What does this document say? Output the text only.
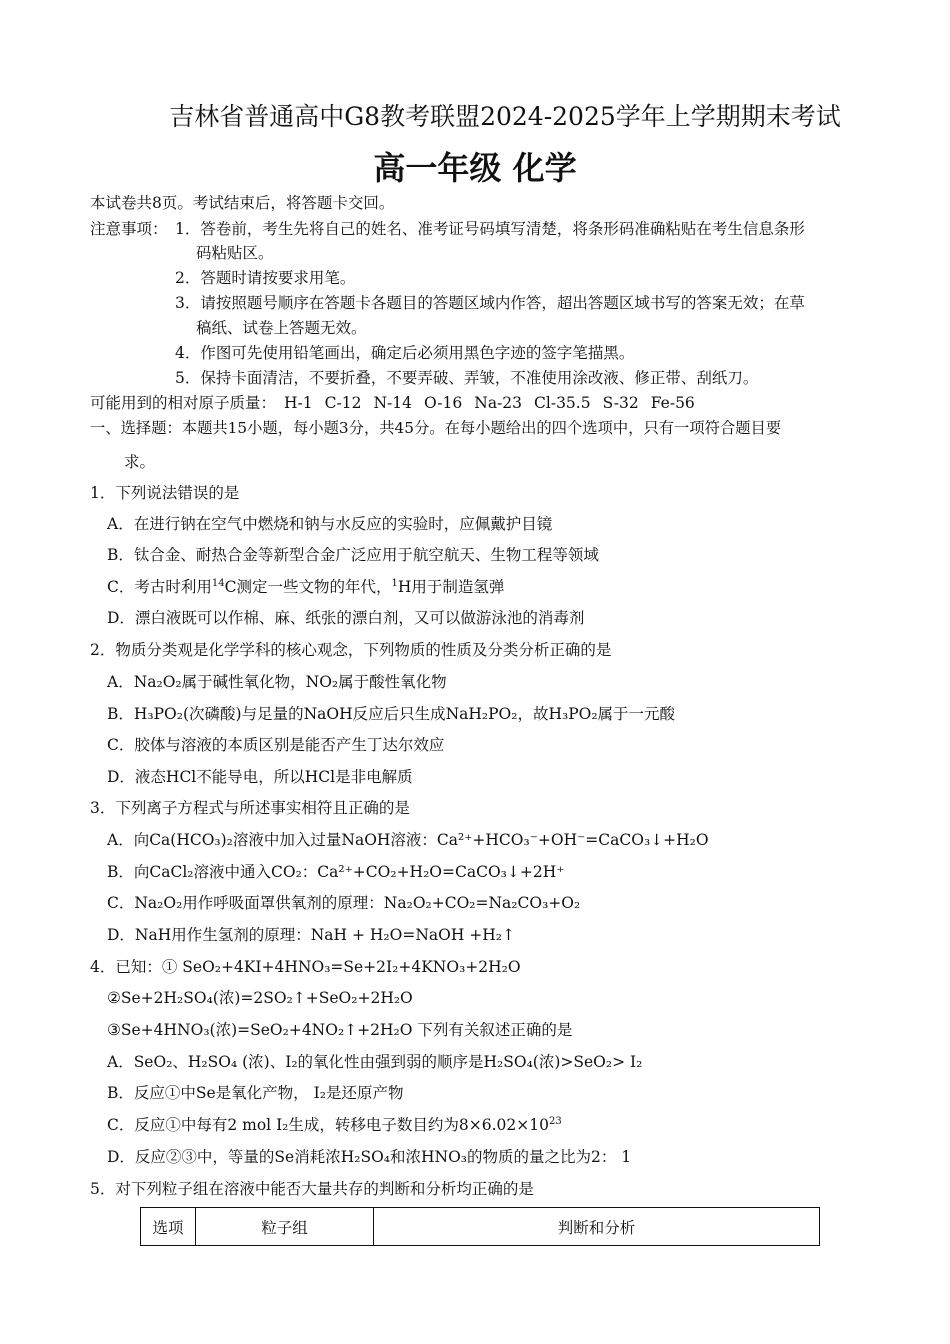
吉林省普通高中G8教考联盟2024-2025学年上学期期末考试
高一年级 化学
本试卷共8页。考试结束后，将答题卡交回。
注意事项： 1．答卷前，考生先将自己的姓名、准考证号码填写清楚，将条形码准确粘贴在考生信息条形
码粘贴区。
2．答题时请按要求用笔。
3．请按照题号顺序在答题卡各题目的答题区域内作答，超出答题区域书写的答案无效；在草
稿纸、试卷上答题无效。
4．作图可先使用铅笔画出，确定后必须用黑色字迹的签字笔描黑。
5．保持卡面清洁，不要折叠，不要弄破、弄皱，不准使用涂改液、修正带、刮纸刀。
可能用到的相对原子质量： H-1 C-12 N-14 O-16 Na-23 Cl-35.5 S-32 Fe-56
一、选择题：本题共15小题，每小题3分，共45分。在每小题给出的四个选项中，只有一项符合题目要
求。
1．下列说法错误的是
A．在进行钠在空气中燃烧和钠与水反应的实验时，应佩戴护目镜
B．钛合金、耐热合金等新型合金广泛应用于航空航天、生物工程等领域
C．考古时利用$^{14}$C测定一些文物的年代，$^1$H用于制造氢弹
D．漂白液既可以作棉、麻、纸张的漂白剂，又可以做游泳池的消毒剂
2．物质分类观是化学学科的核心观念，下列物质的性质及分类分析正确的是
A．Na₂O₂属于碱性氧化物，NO₂属于酸性氧化物
B．H₃PO₂(次磷酸)与足量的NaOH反应后只生成NaH₂PO₂，故H₃PO₂属于一元酸
C．胶体与溶液的本质区别是能否产生丁达尔效应
D．液态HCl不能导电，所以HCl是非电解质
3．下列离子方程式与所述事实相符且正确的是
A．向Ca(HCO₃)₂溶液中加入过量NaOH溶液：Ca²⁺+HCO₃⁻+OH⁻=CaCO₃↓+H₂O
B．向CaCl₂溶液中通入CO₂：Ca²⁺+CO₂+H₂O=CaCO₃↓+2H⁺
C．Na₂O₂用作呼吸面罩供氧剂的原理：Na₂O₂+CO₂=Na₂CO₃+O₂
D．NaH用作生氢剂的原理：NaH + H₂O=NaOH +H₂↑
4．已知：① SeO₂+4KI+4HNO₃=Se+2I₂+4KNO₃+2H₂O
②Se+2H₂SO₄(浓)=2SO₂↑+SeO₂+2H₂O
③Se+4HNO₃(浓)=SeO₂+4NO₂↑+2H₂O 下列有关叙述正确的是
A．SeO₂、H₂SO₄ (浓)、I₂的氧化性由强到弱的顺序是H₂SO₄(浓)>SeO₂> I₂
B．反应①中Se是氧化产物， I₂是还原产物
C．反应①中每有2 mol I₂生成，转移电子数目约为$8\times 6.02\times 10^{23}$
D．反应②③中，等量的Se消耗浓H₂SO₄和浓HNO₃的物质的量之比为2： 1
5．对下列粒子组在溶液中能否大量共存的判断和分析均正确的是
选项	粒子组	判断和分析
